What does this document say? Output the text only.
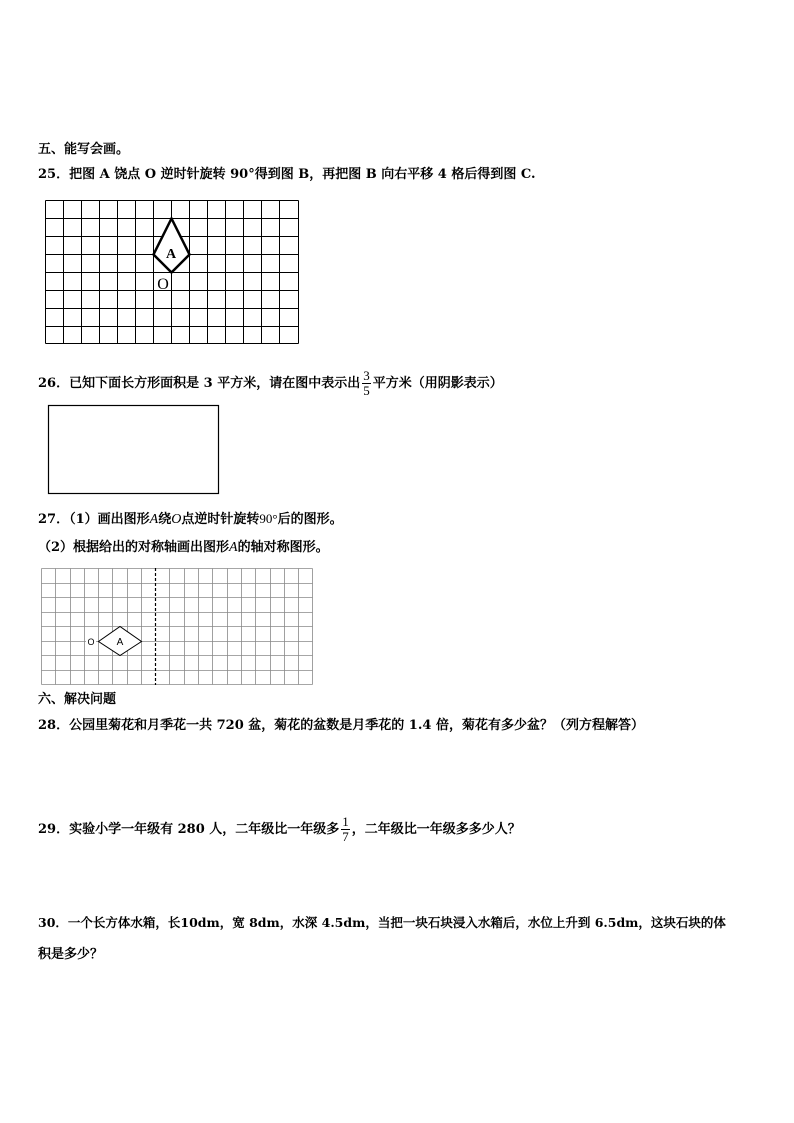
五、能写会画。
25．把图 A 饶点 O 逆时针旋转 90°得到图 B，再把图 B 向右平移 4 格后得到图 C.
A
O
26．已知下面长方形面积是 3 平方米，请在图中表示出 $\frac{3}{5}$ 平方米（用阴影表示）
27．（1）画出图形A绕O点逆时针旋转90°后的图形。
（2）根据给出的对称轴画出图形A的轴对称图形。
A
O
六、解决问题
28．公园里菊花和月季花一共 720 盆，菊花的盆数是月季花的 1.4 倍，菊花有多少盆？（列方程解答）
29．实验小学一年级有 280 人，二年级比一年级多 $\frac{1}{7}$ ，二年级比一年级多多少人？
30．一个长方体水箱，长10dm，宽 8dm，水深 4.5dm，当把一块石块浸入水箱后，水位上升到 6.5dm，这块石块的体
积是多少？
